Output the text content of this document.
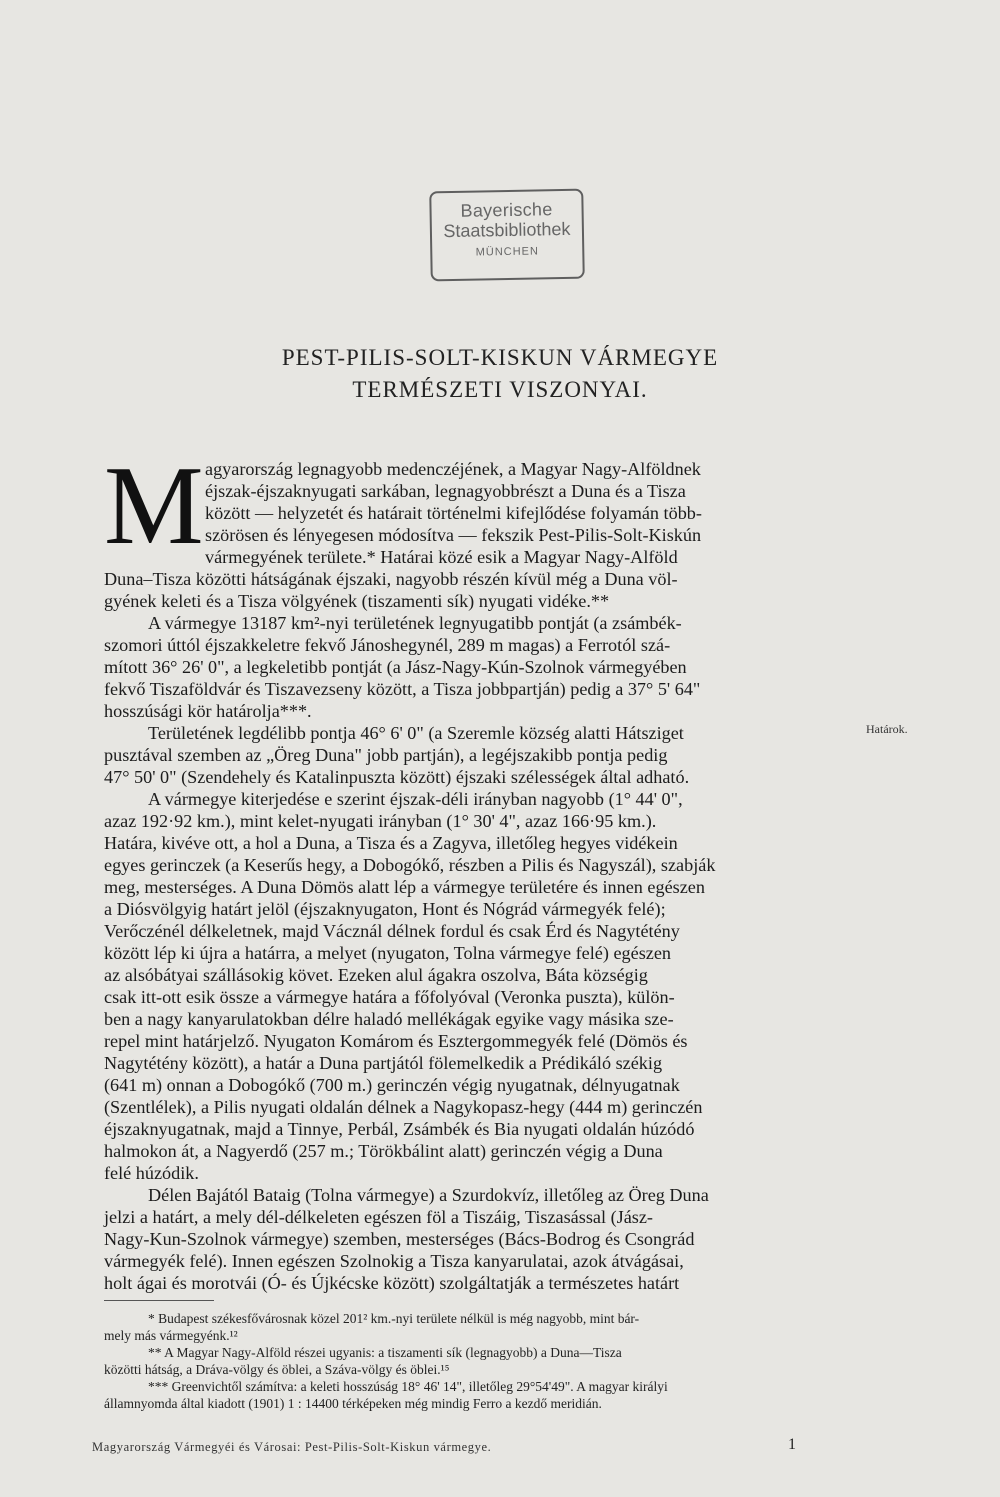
Bayerische
Staatsbibliothek
MÜNCHEN
PEST-PILIS-SOLT-KISKUN VÁRMEGYE
TERMÉSZETI VISZONYAI.
M agyarország legnagyobb medenczéjének, a Magyar Nagy-Alföldnek
éjszak-éjszaknyugati sarkában, legnagyobbrészt a Duna és a Tisza
között — helyzetét és határait történelmi kifejlődése folyamán több-
szörösen és lényegesen módosítva — fekszik Pest-Pilis-Solt-Kiskún
vármegyének területe.* Határai közé esik a Magyar Nagy-Alföld
Duna–Tisza közötti hátságának éjszaki, nagyobb részén kívül még a Duna völ-
gyének keleti és a Tisza völgyének (tiszamenti sík) nyugati vidéke.**
A vármegye 13187 km²-nyi területének legnyugatibb pontját (a zsámbék-
szomori úttól éjszakkeletre fekvő Jánoshegynél, 289 m magas) a Ferrotól szá-
mított 36° 26' 0", a legkeletibb pontját (a Jász-Nagy-Kún-Szolnok vármegyében
fekvő Tiszaföldvár és Tiszavezseny között, a Tisza jobbpartján) pedig a 37° 5' 64"
hosszúsági kör határolja***.
Területének legdélibb pontja 46° 6' 0" (a Szeremle község alatti Hátsziget
pusztával szemben az „Öreg Duna" jobb partján), a legéjszakibb pontja pedig
47° 50' 0" (Szendehely és Katalinpuszta között) éjszaki szélességek által adható.
A vármegye kiterjedése e szerint éjszak-déli irányban nagyobb (1° 44' 0",
azaz 192·92 km.), mint kelet-nyugati irányban (1° 30' 4", azaz 166·95 km.).
Határa, kivéve ott, a hol a Duna, a Tisza és a Zagyva, illetőleg hegyes vidékein
egyes gerinczek (a Keserűs hegy, a Dobogókő, részben a Pilis és Nagyszál), szabják
meg, mesterséges. A Duna Dömös alatt lép a vármegye területére és innen egészen
a Diósvölgyig határt jelöl (éjszaknyugaton, Hont és Nógrád vármegyék felé);
Verőczénél délkeletnek, majd Vácznál délnek fordul és csak Érd és Nagytétény
között lép ki újra a határra, a melyet (nyugaton, Tolna vármegye felé) egészen
az alsóbátyai szállásokig követ. Ezeken alul ágakra oszolva, Báta községig
csak itt-ott esik össze a vármegye határa a főfolyóval (Veronka puszta), külön-
ben a nagy kanyarulatokban délre haladó mellékágak egyike vagy másika sze-
repel mint határjelző. Nyugaton Komárom és Esztergommegyék felé (Dömös és
Nagytétény között), a határ a Duna partjától fölemelkedik a Prédikáló székig
(641 m) onnan a Dobogókő (700 m.) gerinczén végig nyugatnak, délnyugatnak
(Szentlélek), a Pilis nyugati oldalán délnek a Nagykopasz-hegy (444 m) gerinczén
éjszaknyugatnak, majd a Tinnye, Perbál, Zsámbék és Bia nyugati oldalán húzódó
halmokon át, a Nagyerdő (257 m.; Törökbálint alatt) gerinczén végig a Duna
felé húzódik.
Délen Bajától Bataig (Tolna vármegye) a Szurdokvíz, illetőleg az Öreg Duna
jelzi a határt, a mely dél-délkeleten egészen föl a Tiszáig, Tiszasással (Jász-
Nagy-Kun-Szolnok vármegye) szemben, mesterséges (Bács-Bodrog és Csongrád
vármegyék felé). Innen egészen Szolnokig a Tisza kanyarulatai, azok átvágásai,
holt ágai és morotvái (Ó- és Újkécske között) szolgáltatják a természetes határt
Határok.
* Budapest székesfővárosnak közel 201² km.-nyi területe nélkül is még nagyobb, mint bár-
mely más vármegyénk.¹²
** A Magyar Nagy-Alföld részei ugyanis: a tiszamenti sík (legnagyobb) a Duna—Tisza
közötti hátság, a Dráva-völgy és öblei, a Száva-völgy és öblei.¹⁵
*** Greenvichtől számítva: a keleti hosszúság 18° 46' 14", illetőleg 29°54'49". A magyar királyi
államnyomda által kiadott (1901) 1 : 14400 térképeken még mindig Ferro a kezdő meridián.
Magyarország Vármegyéi és Városai: Pest-Pilis-Solt-Kiskun vármegye.	1
